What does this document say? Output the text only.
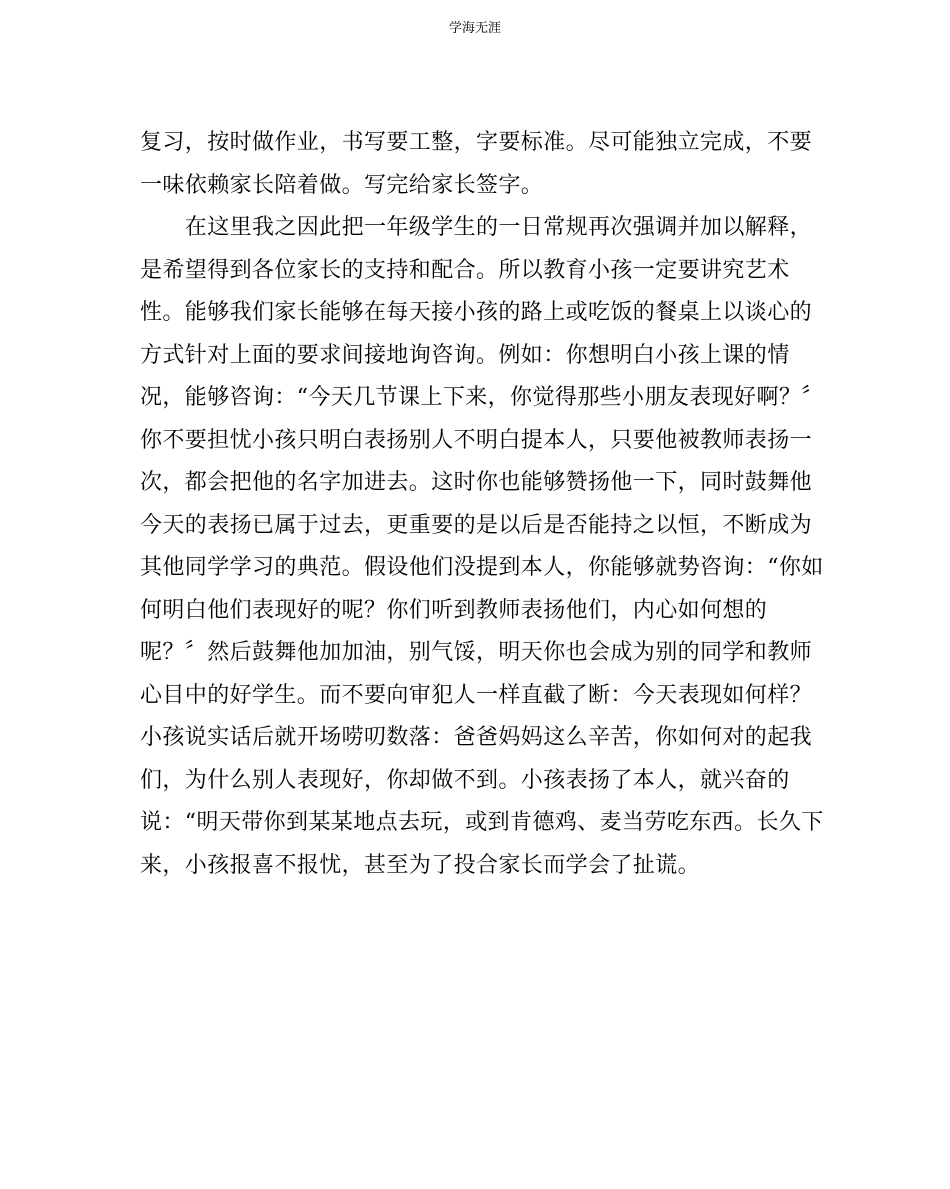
学海无涯
复习，按时做作业，书写要工整，字要标准。尽可能独立完成，不要
一味依赖家长陪着做。写完给家长签字。
　　在这里我之因此把一年级学生的一日常规再次强调并加以解释，
是希望得到各位家长的支持和配合。所以教育小孩一定要讲究艺术
性。能够我们家长能够在每天接小孩的路上或吃饭的餐桌上以谈心的
方式针对上面的要求间接地询咨询。例如：你想明白小孩上课的情
况，能够咨询：“今天几节课上下来，你觉得那些小朋友表现好啊？〞
你不要担忧小孩只明白表扬别人不明白提本人，只要他被教师表扬一
次，都会把他的名字加进去。这时你也能够赞扬他一下，同时鼓舞他
今天的表扬已属于过去，更重要的是以后是否能持之以恒，不断成为
其他同学学习的典范。假设他们没提到本人，你能够就势咨询：“你如
何明白他们表现好的呢？你们听到教师表扬他们，内心如何想的
呢？〞然后鼓舞他加加油，别气馁，明天你也会成为别的同学和教师
心目中的好学生。而不要向审犯人一样直截了断：今天表现如何样？
小孩说实话后就开场唠叨数落：爸爸妈妈这么辛苦，你如何对的起我
们，为什么别人表现好，你却做不到。小孩表扬了本人，就兴奋的
说：“明天带你到某某地点去玩，或到肯德鸡、麦当劳吃东西。长久下
来，小孩报喜不报忧，甚至为了投合家长而学会了扯谎。
